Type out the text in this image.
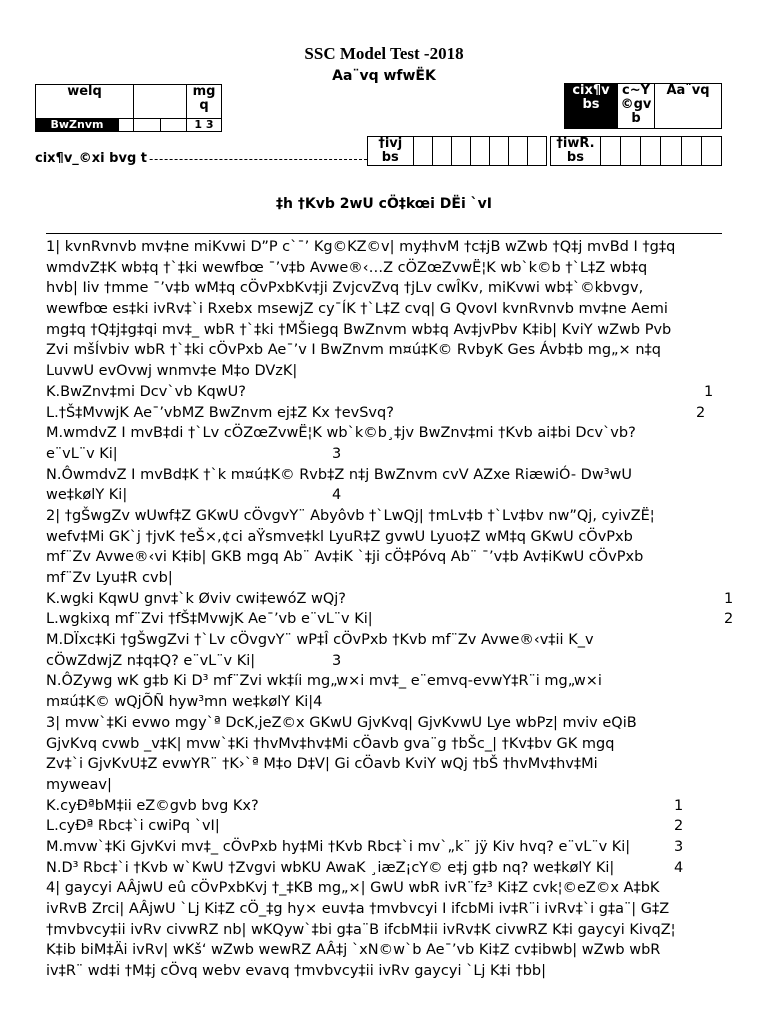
SSC Model Test -2018
Aa¨vq wfwËK
welq				mg q
BwZnvm				1 3
cix¶v bs	c~Y ©gv b	Aa¨vq
cix¶v_©xi bvg t
†ivj bs							
†iwR. bs						
‡h †Kvb 2wU cÖ‡kœi DËi `vI
1| kvnRvnvb mv‡ne miKvwi D”P c`¯’ Kg©KZ©v| my‡hvM †c‡jB wZwb †Q‡j mvBd I †g‡q
wmdvZ‡K wb‡q †`‡ki wewfbœ ¯’v‡b Avwe®‹…Z cÖZœZvwË¦K wb`k©b †`L‡Z wb‡q
hvb| Iiv †mme ¯’v‡b wM‡q cÖvPxbKv‡ji ZvjcvZvq †jLv cwÎKv, miKvwi wb‡`©kbvgv,
wewfbœ es‡ki ivRv‡`i Rxebx msewjZ cy¯ÍK †`L‡Z cvq| G QvovI kvnRvnvb mv‡ne Aemi
mg‡q †Q‡j‡g‡qi mv‡_ wbR †`‡ki †MŠiegq BwZnvm wb‡q Av‡jvPbv K‡ib| KviY wZwb Pvb
Zvi mšÍvbiv wbR †`‡ki cÖvPxb Ae¯’v I BwZnvm m¤ú‡K© RvbyK Ges Ávb‡b mg„× n‡q
LuvwU evOvwj wnmv‡e M‡o DVzK|
K.BwZnv‡mi Dcv`vb KqwU?	1
L.†Š‡MvwjK Ae¯’vbMZ BwZnvm ej‡Z Kx †evSvq?	2
M.wmdvZ I mvB‡di †`Lv cÖZœZvwË¦K wb`k©b¸‡jv BwZnv‡mi †Kvb ai‡bi Dcv`vb?
e¨vL¨v Ki|	3
N.ÔwmdvZ I mvBd‡K †`k m¤ú‡K© Rvb‡Z n‡j BwZnvm cvV AZxe RiæwiÓ- Dw³wU
we‡kølY Ki|	4
2| †gŠwgZv wUwf‡Z GKwU cÖvgvY¨ Abyôvb †`LwQj| †mLv‡b †`Lv‡bv nw”Qj, cyivZË¦
wefv‡Mi GK`j †jvK †eŠ×,¢ci aŸsmve‡kl LyuR‡Z gvwU Lyuo‡Z wM‡q GKwU cÖvPxb
mf¨Zv Avwe®‹vi K‡ib| GKB mgq Ab¨ Av‡iK `‡ji cÖ‡Póvq Ab¨ ¯’v‡b Av‡iKwU cÖvPxb
mf¨Zv Lyu‡R cvb|
K.wgki KqwU gnv‡`k Øviv cwi‡ewóZ wQj?	1
L.wgkixq mf¨Zvi †fŠ‡MvwjK Ae¯’vb e¨vL¨v Ki|	2
M.DÏxc‡Ki †gŠwgZvi †`Lv cÖvgvY¨ wP‡Î cÖvPxb †Kvb mf¨Zv Avwe®‹v‡ii K_v
cÖwZdwjZ n‡q‡Q? e¨vL¨v Ki|	3
N.ÔZywg wK g‡b Ki D³ mf¨Zvi wk‡íi mg„w×i mv‡_ e¨emvq-evwY‡R¨i mg„w×i
m¤ú‡K© wQjÕÑ hyw³mn we‡kølY Ki|4
3| mvw`‡Ki evwo mgy`ª DcK,jeZ©x GKwU GjvKvq| GjvKvwU Lye wbPz| mviv eQiB
GjvKvq cvwb _v‡K| mvw`‡Ki †hvMv‡hv‡Mi cÖavb gva¨g †bŠc_| †Kv‡bv GK mgq
Zv‡`i GjvKvU‡Z evwYR¨ †K›`ª M‡o D‡V| Gi cÖavb KviY wQj †bŠ †hvMv‡hv‡Mi
myweav|
K.cyÐªbM‡ii eZ©gvb bvg Kx?	1
L.cyÐª Rbc‡`i cwiPq `vI|	2
M.mvw`‡Ki GjvKvi mv‡_ cÖvPxb hy‡Mi †Kvb Rbc‡`i mv`„k¨ jÿ Kiv hvq? e¨vL¨v Ki|	3
N.D³ Rbc‡`i †Kvb w`KwU †Zvgvi wbKU AwaK ¸iæZ¡cY© e‡j g‡b nq? we‡kølY Ki|	4
4| gaycyi AÂjwU eû cÖvPxbKvj †_‡KB mg„×| GwU wbR ivR¨fz³ Ki‡Z cvk¦©eZ©x A‡bK
ivRvB Zrci| AÂjwU `Lj Ki‡Z cÖ_‡g hy× euv‡a †mvbvcyi I ifcbMi iv‡R¨i ivRv‡`i g‡a¨| G‡Z
†mvbvcy‡ii ivRv civwRZ nb| wKQyw`‡bi g‡a¨B ifcbM‡ii ivRv‡K civwRZ K‡i gaycyi KivqZ¦
K‡ib biM‡Äi ivRv| wKš‘ wZwb wewRZ AÂ‡j `xN©w`b Ae¯’vb Ki‡Z cv‡ibwb| wZwb wbR
iv‡R¨ wd‡i †M‡j cÖvq webv evavq †mvbvcy‡ii ivRv gaycyi `Lj K‡i †bb|
